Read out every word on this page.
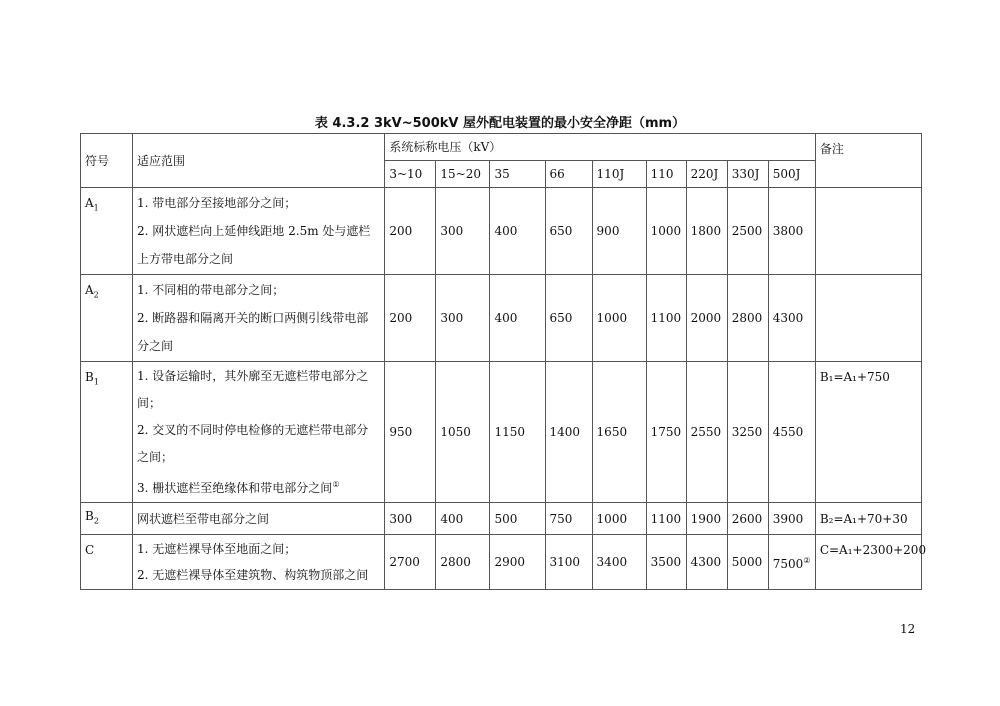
表 4.3.2 3kV~500kV 屋外配电装置的最小安全净距（mm）
符号	适应范围	系统标称电压（kV）									备注
		3~10	15~20	35	66	110J	110	220J	330J	500J	
$A_1$	1. 带电部分至接地部分之间；
2. 网状遮栏向上延伸线距地 2.5m 处与遮栏
上方带电部分之间	200	300	400	650	900	1000	1800	2500	3800	
$A_2$	1. 不同相的带电部分之间；
2. 断路器和隔离开关的断口两侧引线带电部
分之间	200	300	400	650	1000	1100	2000	2800	4300	
$B_1$	1. 设备运输时，其外廓至无遮栏带电部分之
间；
2. 交叉的不同时停电检修的无遮栏带电部分
之间；
3. 栅状遮栏至绝缘体和带电部分之间①	950	1050	1150	1400	1650	1750	2550	3250	4550	B₁=A₁+750
$B_2$	网状遮栏至带电部分之间	300	400	500	750	1000	1100	1900	2600	3900	B₂=A₁+70+30
C	1. 无遮栏裸导体至地面之间；
2. 无遮栏裸导体至建筑物、构筑物顶部之间	2700	2800	2900	3100	3400	3500	4300	5000	7500②	C=A₁+2300+200
12
